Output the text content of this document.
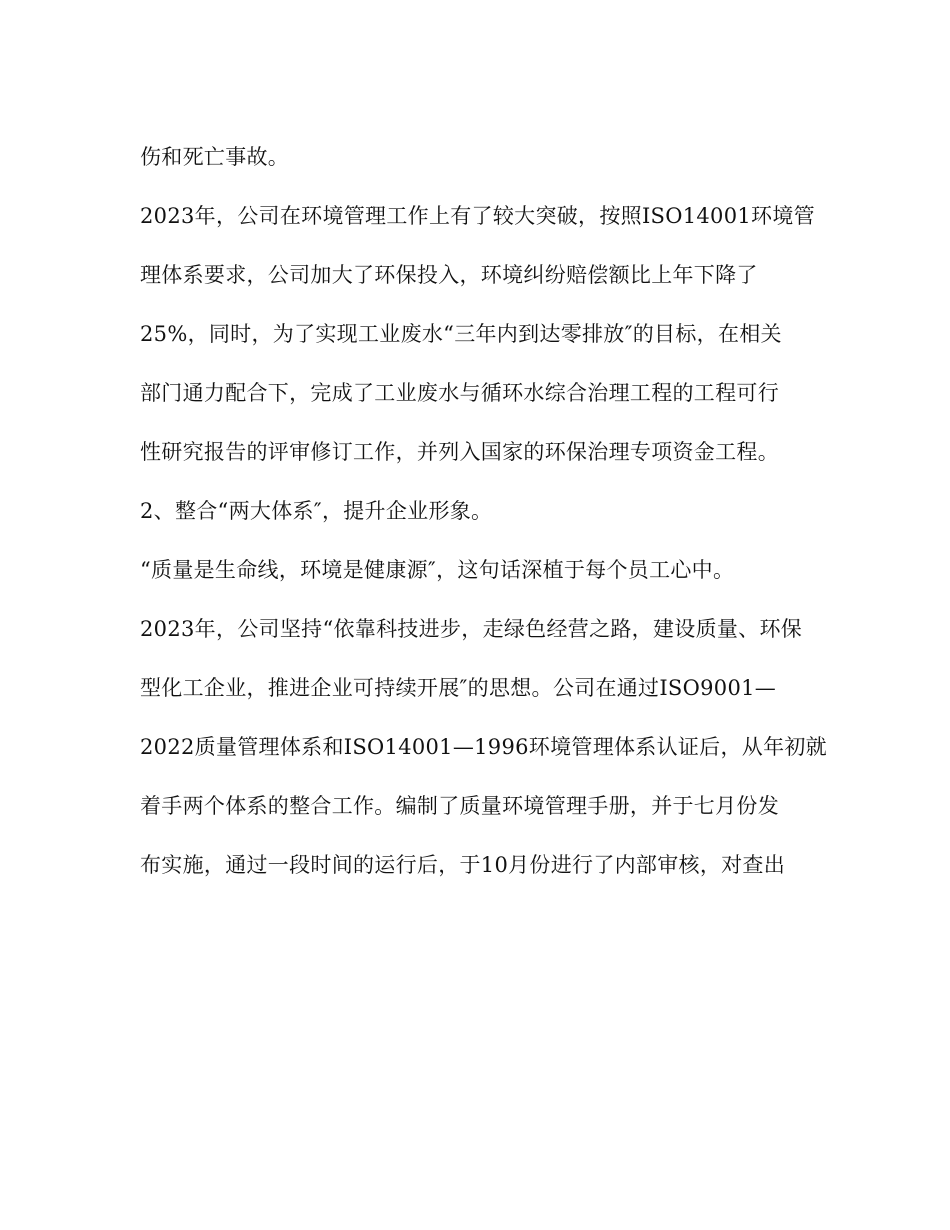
伤和死亡事故。
2023年，公司在环境管理工作上有了较大突破，按照ISO14001环境管
理体系要求，公司加大了环保投入，环境纠纷赔偿额比上年下降了
25%，同时，为了实现工业废水“三年内到达零排放″的目标，在相关
部门通力配合下，完成了工业废水与循环水综合治理工程的工程可行
性研究报告的评审修订工作，并列入国家的环保治理专项资金工程。
2、整合“两大体系″，提升企业形象。
“质量是生命线，环境是健康源″，这句话深植于每个员工心中。
2023年，公司坚持“依靠科技进步，走绿色经营之路，建设质量、环保
型化工企业，推进企业可持续开展″的思想。公司在通过ISO9001—
2022质量管理体系和ISO14001—1996环境管理体系认证后，从年初就
着手两个体系的整合工作。编制了质量环境管理手册，并于七月份发
布实施，通过一段时间的运行后，于10月份进行了内部审核，对查出
